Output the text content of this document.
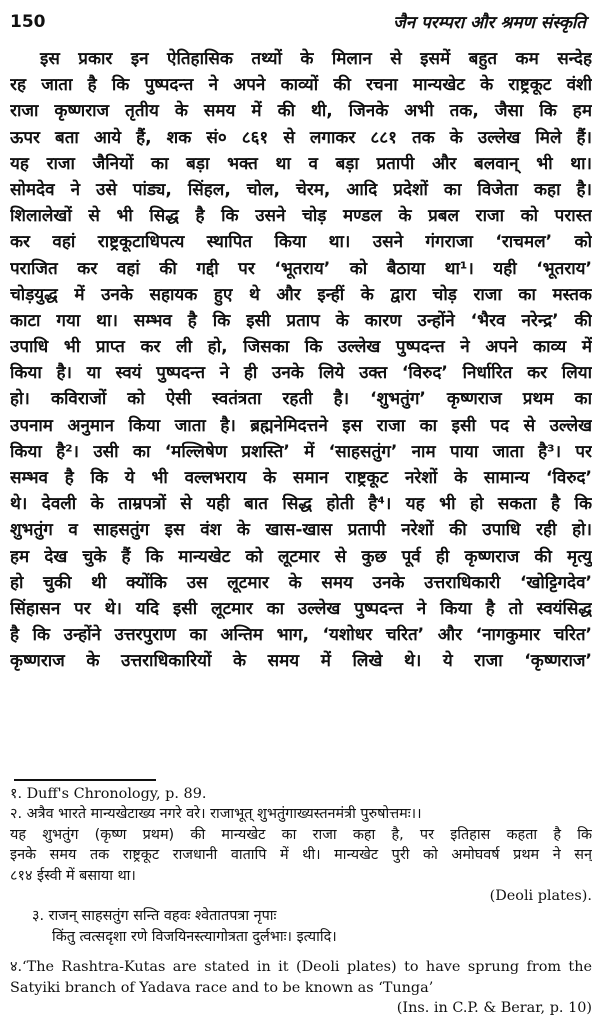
150	जैन परम्परा और श्रमण संस्कृति
इस प्रकार इन ऐतिहासिक तथ्यों के मिलान से इसमें बहुत कम सन्देह
रह जाता है कि पुष्पदन्त ने अपने काव्यों की रचना मान्यखेट के राष्ट्रकूट वंशी
राजा कृष्णराज तृतीय के समय में की थी, जिनके अभी तक, जैसा कि हम
ऊपर बता आये हैं, शक सं० ८६१ से लगाकर ८८१ तक के उल्लेख मिले हैं।
यह राजा जैनियों का बड़ा भक्त था व बड़ा प्रतापी और बलवान् भी था।
सोमदेव ने उसे पांड्य, सिंहल, चोल, चेरम, आदि प्रदेशों का विजेता कहा है।
शिलालेखों से भी सिद्ध है कि उसने चोड़ मण्डल के प्रबल राजा को परास्त
कर वहां राष्ट्रकूटाधिपत्य स्थापित किया था। उसने गंगराजा ‘राचमल’ को
पराजित कर वहां की गद्दी पर ‘भूतराय’ को बैठाया था¹। यही ‘भूतराय’
चोड़युद्ध में उनके सहायक हुए थे और इन्हीं के द्वारा चोड़ राजा का मस्तक
काटा गया था। सम्भव है कि इसी प्रताप के कारण उन्होंने ‘भैरव नरेन्द्र’ की
उपाधि भी प्राप्त कर ली हो, जिसका कि उल्लेख पुष्पदन्त ने अपने काव्य में
किया है। या स्वयं पुष्पदन्त ने ही उनके लिये उक्त ‘विरुद’ निर्धारित कर लिया
हो। कविराजों को ऐसी स्वतंत्रता रहती है। ‘शुभतुंग’ कृष्णराज प्रथम का
उपनाम अनुमान किया जाता है। ब्रह्मनेमिदत्तने इस राजा का इसी पद से उल्लेख
किया है²। उसी का ‘मल्लिषेण प्रशस्ति’ में ‘साहसतुंग’ नाम पाया जाता है³। पर
सम्भव है कि ये भी वल्लभराय के समान राष्ट्रकूट नरेशों के सामान्य ‘विरुद’
थे। देवली के ताम्रपत्रों से यही बात सिद्ध होती है⁴। यह भी हो सकता है कि
शुभतुंग व साहसतुंग इस वंश के खास-खास प्रतापी नरेशों की उपाधि रही हो।
हम देख चुके हैं कि मान्यखेट को लूटमार से कुछ पूर्व ही कृष्णराज की मृत्यु
हो चुकी थी क्योंकि उस लूटमार के समय उनके उत्तराधिकारी ‘खोट्टिगदेव’
सिंहासन पर थे। यदि इसी लूटमार का उल्लेख पुष्पदन्त ने किया है तो स्वयंसिद्ध
है कि उन्होंने उत्तरपुराण का अन्तिम भाग, ‘यशोधर चरित’ और ‘नागकुमार चरित’
कृष्णराज के उत्तराधिकारियों के समय में लिखे थे। ये राजा ‘कृष्णराज’
१. Duff's Chronology, p. 89.
२. अत्रैव भारते मान्यखेटाख्य नगरे वरे। राजाभूत् शुभतुंगाख्यस्तनमंत्री पुरुषोत्तमः।।
यह शुभतुंग (कृष्ण प्रथम) की मान्यखेट का राजा कहा है, पर इतिहास कहता है कि
इनके समय तक राष्ट्रकूट राजधानी वातापि में थी। मान्यखेट पुरी को अमोघवर्ष प्रथम ने सन्
८१४ ईस्वी में बसाया था।
(Deoli plates).
३. राजन् साहसतुंग सन्ति वहवः श्वेतातपत्रा नृपाः
किंतु त्वत्सदृशा रणे विजयिनस्त्यागोत्रता दुर्लभाः। इत्यादि।
४.‘The Rashtra-Kutas are stated in it (Deoli plates) to have sprung from the
Satyiki branch of Yadava race and to be known as ‘Tunga’
(Ins. in C.P. & Berar, p. 10)
